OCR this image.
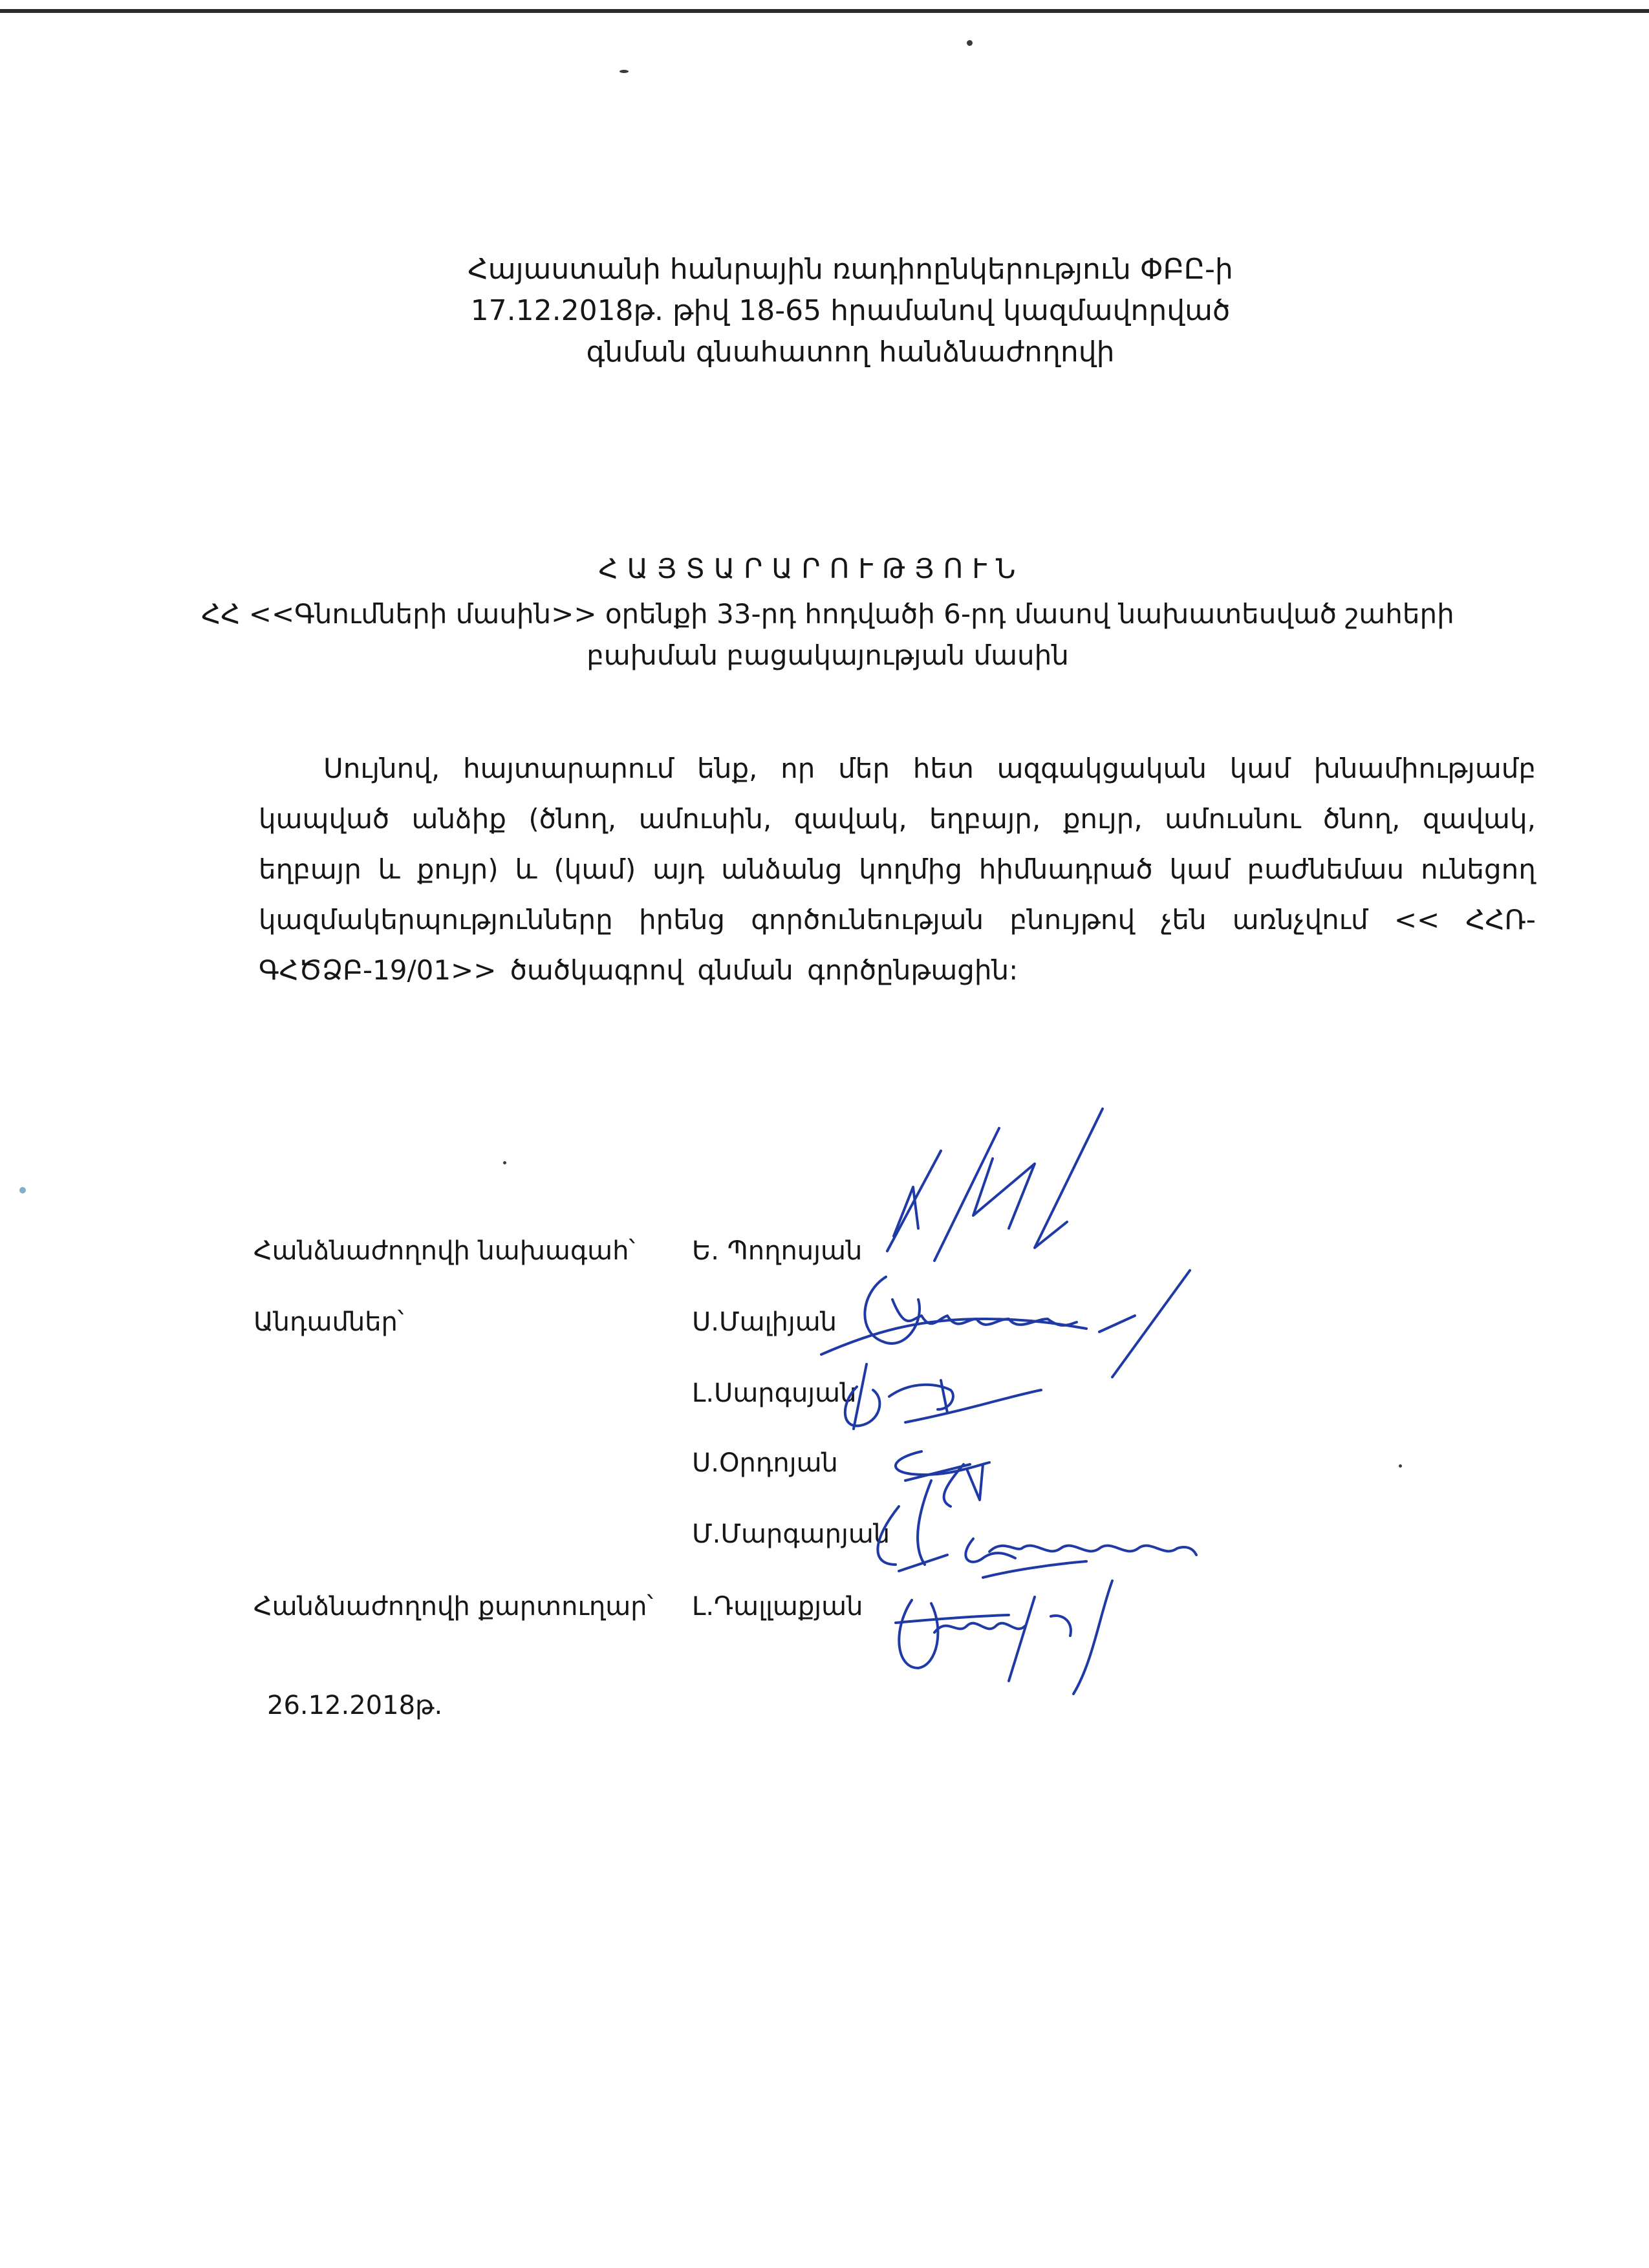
Հայաստանի հանրային ռադիոընկերություն ՓԲԸ-ի
17.12.2018թ. թիվ 18-65 հրամանով կազմավորված
գնման գնահատող հանձնաժողովի
ՀԱՅՏԱՐԱՐՈՒԹՅՈՒՆ
ՀՀ <<Գնումների մասին>> օրենքի 33-րդ հոդվածի 6-րդ մասով նախատեսված շահերի
բախման բացակայության մասին
Սույնով, հայտարարում ենք, որ մեր հետ ազգակցական կամ խնամիությամբ
կապված անձիք (ծնող, ամուսին, զավակ, եղբայր, քույր, ամուսնու ծնող, զավակ,
եղբայր և քույր) և (կամ) այդ անձանց կողմից հիմնադրած կամ բաժնեմաս ունեցող
կազմակերպությունները իրենց գործունեության բնույթով չեն առնչվում << ՀՀՌ-
ԳՀԾՁԲ-19/01>> ծածկագրով գնման գործընթացին:
Հանձնաժողովի նախագահ՝ Ե. Պողոսյան
Անդամներ՝	Ս.Մալիյան
Լ.Սարգսյան
Ս.Օրդոյան
Մ.Մարգարյան
Հանձնաժողովի քարտուղար՝ Լ.Դալլաքյան
26.12.2018թ.
